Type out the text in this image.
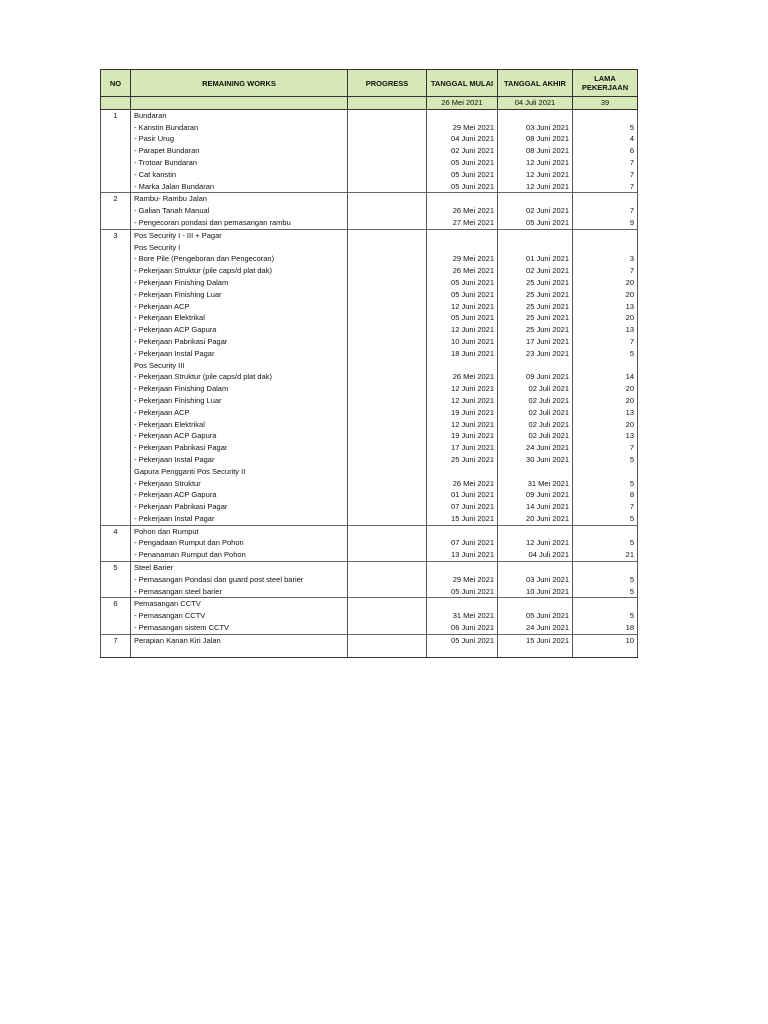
NO	REMAINING WORKS	PROGRESS	TANGGAL MULAI	TANGGAL AKHIR	LAMA PEKERJAAN
			26 Mei 2021	04 Juli 2021	39
1	Bundaran				
	- Kanstin Bundaran		29 Mei 2021	03 Juni 2021	5
	- Pasir Urug		04 Juni 2021	08 Juni 2021	4
	- Parapet Bundaran		02 Juni 2021	08 Juni 2021	6
	- Trotoar Bundaran		05 Juni 2021	12 Juni 2021	7
	- Cat kanstin		05 Juni 2021	12 Juni 2021	7
	- Marka Jalan Bundaran		05 Juni 2021	12 Juni 2021	7
2	Rambu- Rambu Jalan				
	- Galian Tanah Manual		26 Mei 2021	02 Juni 2021	7
	- Pengecoran pondasi dan pemasangan rambu		27 Mei 2021	05 Juni 2021	9
3	Pos Security I - III + Pagar				
	Pos Security I				
	- Bore Pile (Pengeboran dan Pengecoran)		29 Mei 2021	01 Juni 2021	3
	- Pekerjaan Struktur (pile caps/d plat dak)		26 Mei 2021	02 Juni 2021	7
	- Pekerjaan Finishing Dalam		05 Juni 2021	25 Juni 2021	20
	- Pekerjaan Finishing Luar		05 Juni 2021	25 Juni 2021	20
	- Pekerjaan ACP		12 Juni 2021	25 Juni 2021	13
	- Pekerjaan Elektrikal		05 Juni 2021	25 Juni 2021	20
	- Pekerjaan ACP Gapura		12 Juni 2021	25 Juni 2021	13
	- Pekerjaan Pabrikasi Pagar		10 Juni 2021	17 Juni 2021	7
	- Pekerjaan Instal Pagar		18 Juni 2021	23 Juni 2021	5
	Pos Security III				
	- Pekerjaan Struktur (pile caps/d plat dak)		26 Mei 2021	09 Juni 2021	14
	- Pekerjaan Finishing Dalam		12 Juni 2021	02 Juli 2021	20
	- Pekerjaan Finishing Luar		12 Juni 2021	02 Juli 2021	20
	- Pekerjaan ACP		19 Juni 2021	02 Juli 2021	13
	- Pekerjaan Elektrikal		12 Juni 2021	02 Juli 2021	20
	- Pekerjaan ACP Gapura		19 Juni 2021	02 Juli 2021	13
	- Pekerjaan Pabrikasi Pagar		17 Juni 2021	24 Juni 2021	7
	- Pekerjaan Instal Pagar		25 Juni 2021	30 Juni 2021	5
	Gapura Pengganti Pos Security II				
	- Pekerjaan Struktur		26 Mei 2021	31 Mei 2021	5
	- Pekerjaan ACP Gapura		01 Juni 2021	09 Juni 2021	8
	- Pekerjaan Pabrikasi Pagar		07 Juni 2021	14 Juni 2021	7
	- Pekerjaan Instal Pagar		15 Juni 2021	20 Juni 2021	5
4	Pohon dan Rumput				
	- Pengadaan Rumput dan Pohon		07 Juni 2021	12 Juni 2021	5
	- Penanaman Rumput dan Pohon		13 Juni 2021	04 Juli 2021	21
5	Steel Barier				
	- Pemasangan Pondasi dan guard post steel barier		29 Mei 2021	03 Juni 2021	5
	- Pemasangan steel barier		05 Juni 2021	10 Juni 2021	5
6	Pemasangan CCTV				
	- Pemasangan CCTV		31 Mei 2021	05 Juni 2021	5
	- Pemasangan sistem CCTV		06 Juni 2021	24 Juni 2021	18
7	Perapian Kanan Kiri Jalan		05 Juni 2021	15 Juni 2021	10
